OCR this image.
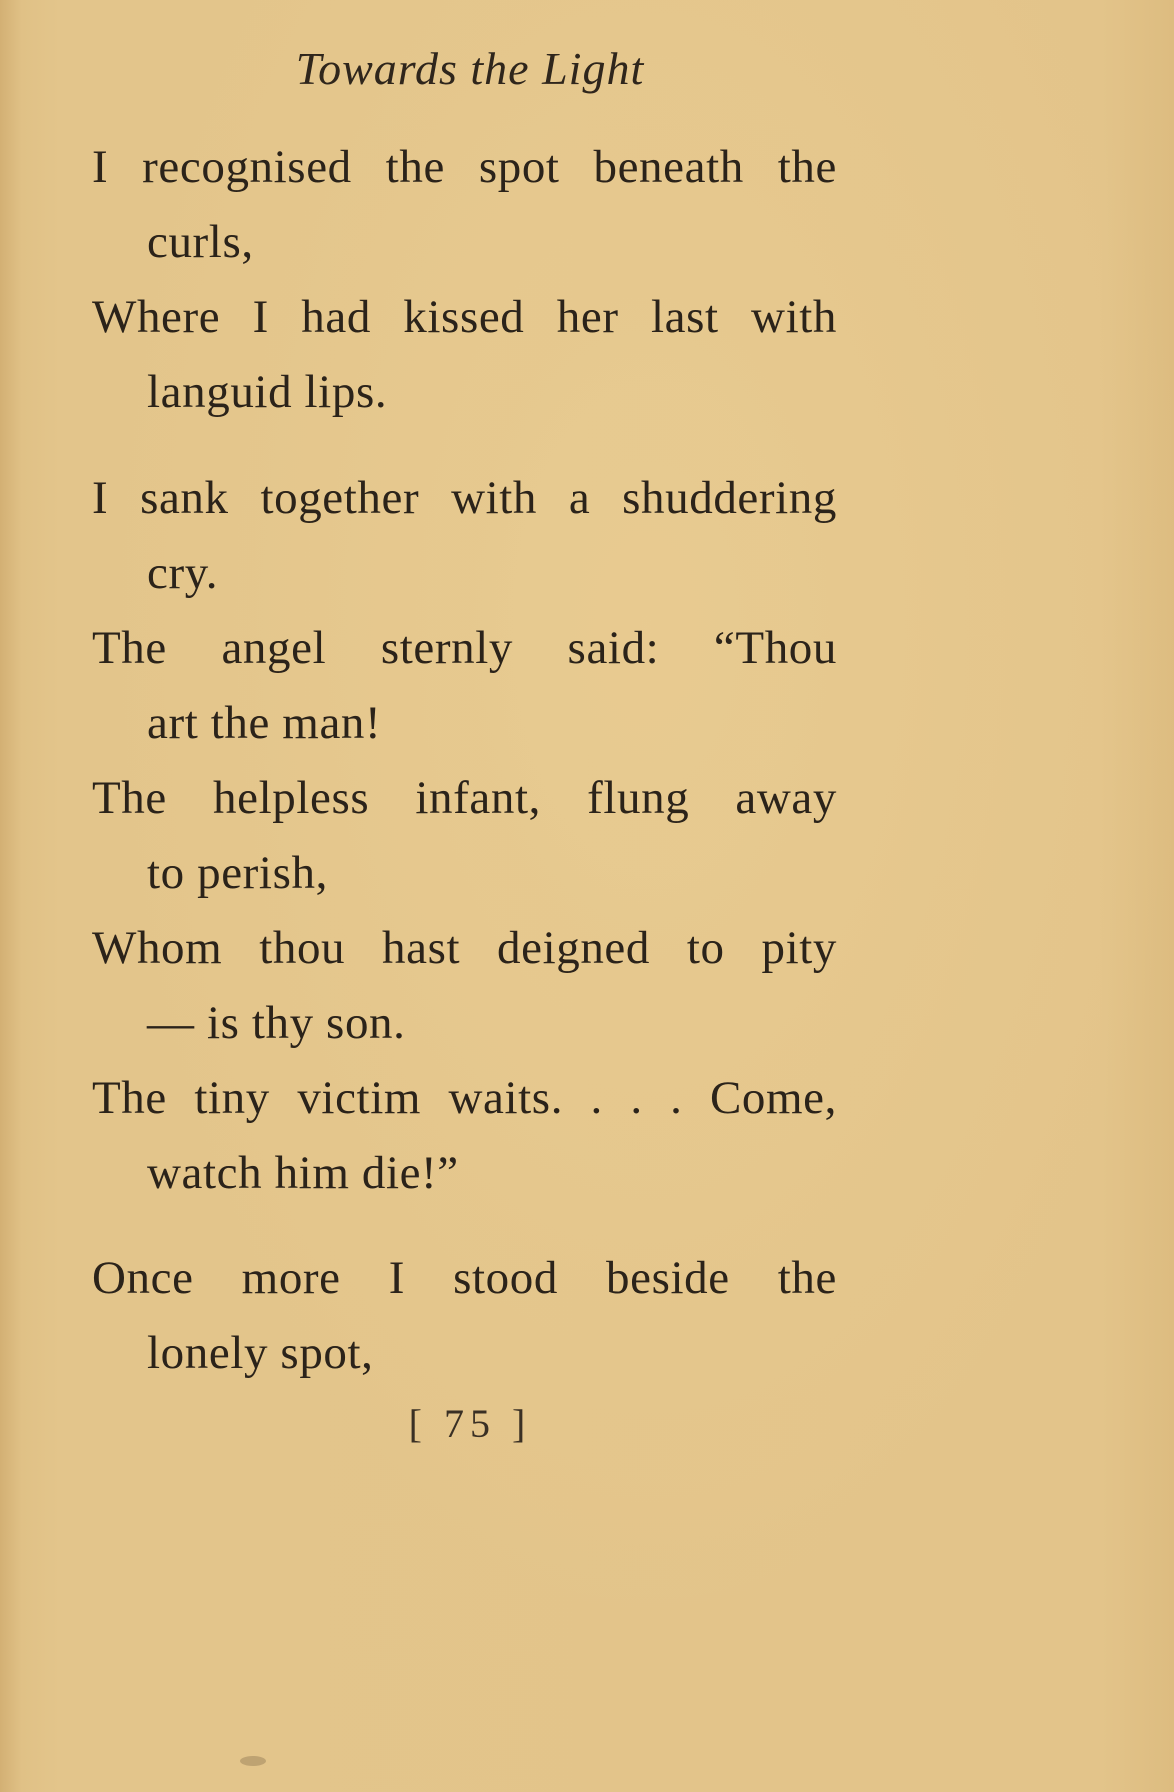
Towards the Light
I recognised the spot beneath the
curls,
Where I had kissed her last with
languid lips.
I sank together with a shuddering
cry.
The angel sternly said: “Thou
art the man!
The helpless infant, flung away
to perish,
Whom thou hast deigned to pity
— is thy son.
The tiny victim waits. . . . Come,
watch him die!”
Once more I stood beside the
lonely spot,
[ 75 ]
